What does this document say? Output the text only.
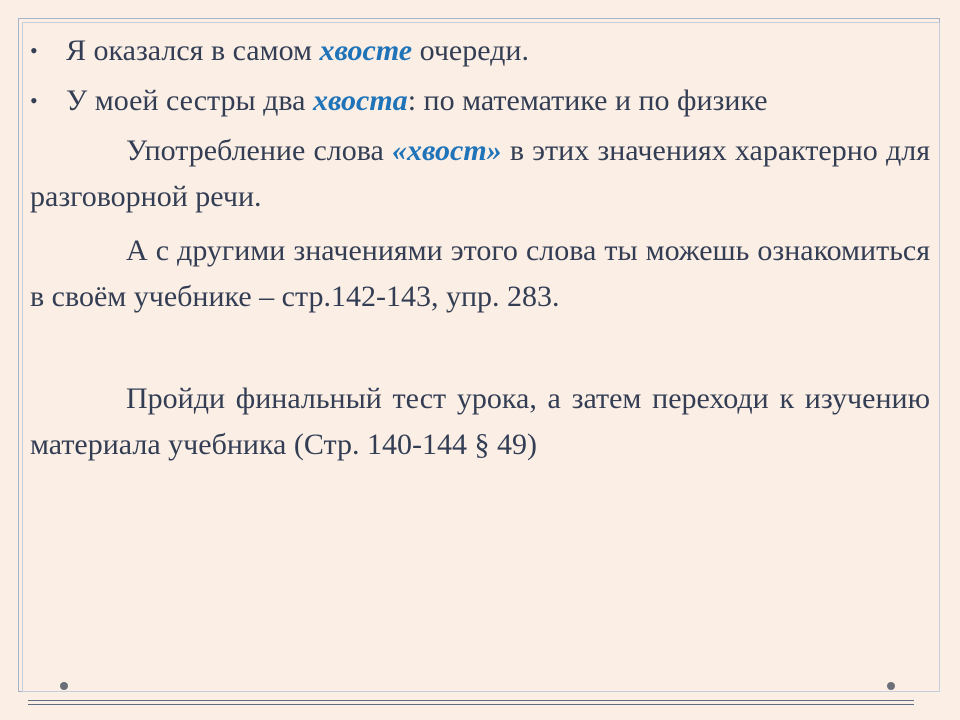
• Я оказался в самом хвосте очереди.

• У моей сестры два хвоста: по математике и по физике

Употребление слова «хвост» в этих значениях характерно для разговорной речи.

А с другими значениями этого слова ты можешь ознакомиться в своём учебнике – стр.142-143, упр. 283.

Пройди финальный тест урока, а затем переходи к изучению материала учебника (Стр. 140-144 § 49)
